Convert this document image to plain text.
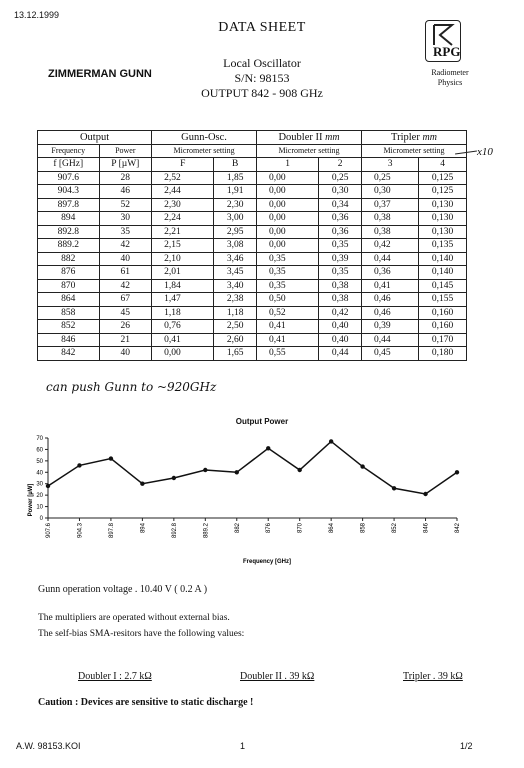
13.12.1999
DATA SHEET
Local Oscillator
S/N: 98153
OUTPUT 842 - 908 GHz
ZIMMERMAN GUNN
RPG
Radiometer
Physics
Output		Gunn-Osc.		Doubler II mm		Tripler mm	
Frequency	Power	Micrometer setting		Micrometer setting		Micrometer setting	
f [GHz]	P [µW]	F	B	1	2	3	4
907.6	28	2,52	1,85	0,00	0,25	0,25	0,125
904.3	46	2,44	1,91	0,00	0,30	0,30	0,125
897.8	52	2,30	2,30	0,00	0,34	0,37	0,130
894	30	2,24	3,00	0,00	0,36	0,38	0,130
892.8	35	2,21	2,95	0,00	0,36	0,38	0,130
889.2	42	2,15	3,08	0,00	0,35	0,42	0,135
882	40	2,10	3,46	0,35	0,39	0,44	0,140
876	61	2,01	3,45	0,35	0,35	0,36	0,140
870	42	1,84	3,40	0,35	0,38	0,41	0,145
864	67	1,47	2,38	0,50	0,38	0,46	0,155
858	45	1,18	1,18	0,52	0,42	0,46	0,160
852	26	0,76	2,50	0,41	0,40	0,39	0,160
846	21	0,41	2,60	0,41	0,40	0,44	0,170
842	40	0,00	1,65	0,55	0,44	0,45	0,180
x10
can push Gunn to ~920GHz
Output Power
Power [µW]
Frequency [GHz]
0
10
20
30
40
50
60
70
907.6	904.3	897.8	894	892.8	889.2	882	876	870	864	858	852	846	842
Gunn operation voltage . 10.40 V ( 0.2 A )
The multipliers are operated without external bias.
The self-bias SMA-resitors have the following values:
Doubler I : 2.7 kΩ	Doubler II . 39 kΩ	Tripler . 39 kΩ
Caution : Devices are sensitive to static discharge !
A.W. 98153.KOI	1	1/2
